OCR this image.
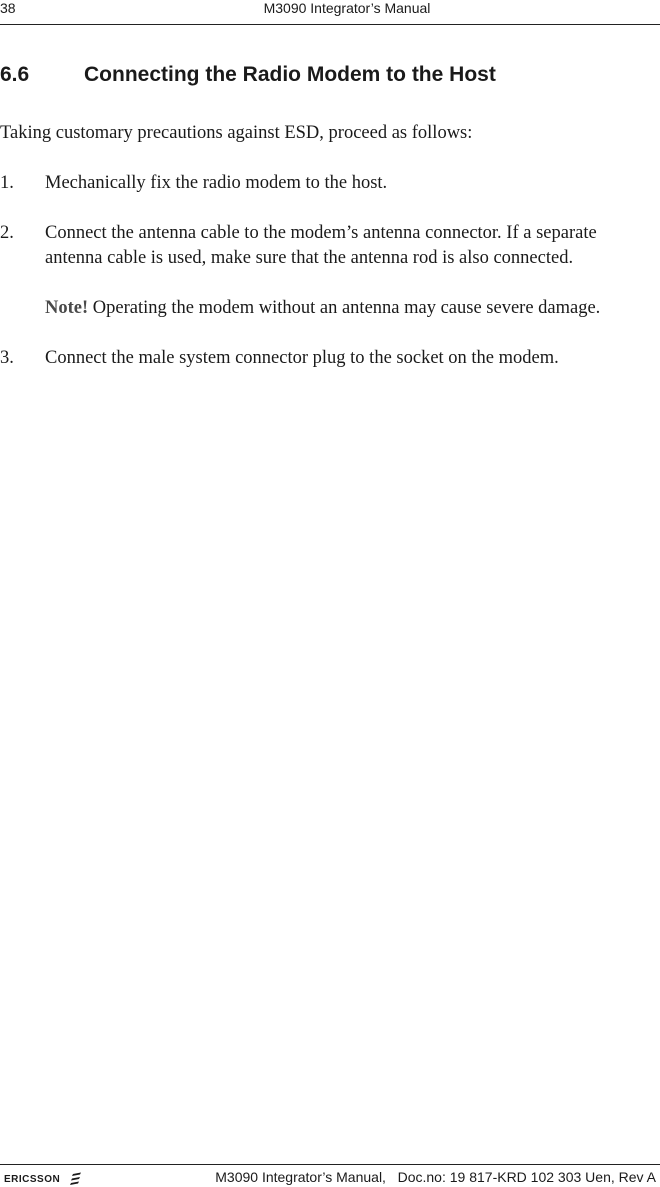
38	M3090 Integrator’s Manual
6.6	Connecting the Radio Modem to the Host

Taking customary precautions against ESD, proceed as follows:

1. Mechanically fix the radio modem to the host.
2. Connect the antenna cable to the modem’s antenna connector. If a separate antenna cable is used, make sure that the antenna rod is also connected.
Note! Operating the modem without an antenna may cause severe damage.
3. Connect the male system connector plug to the socket on the modem.
ERICSSON	M3090 Integrator’s Manual,   Doc.no: 19 817-KRD 102 303 Uen, Rev A
